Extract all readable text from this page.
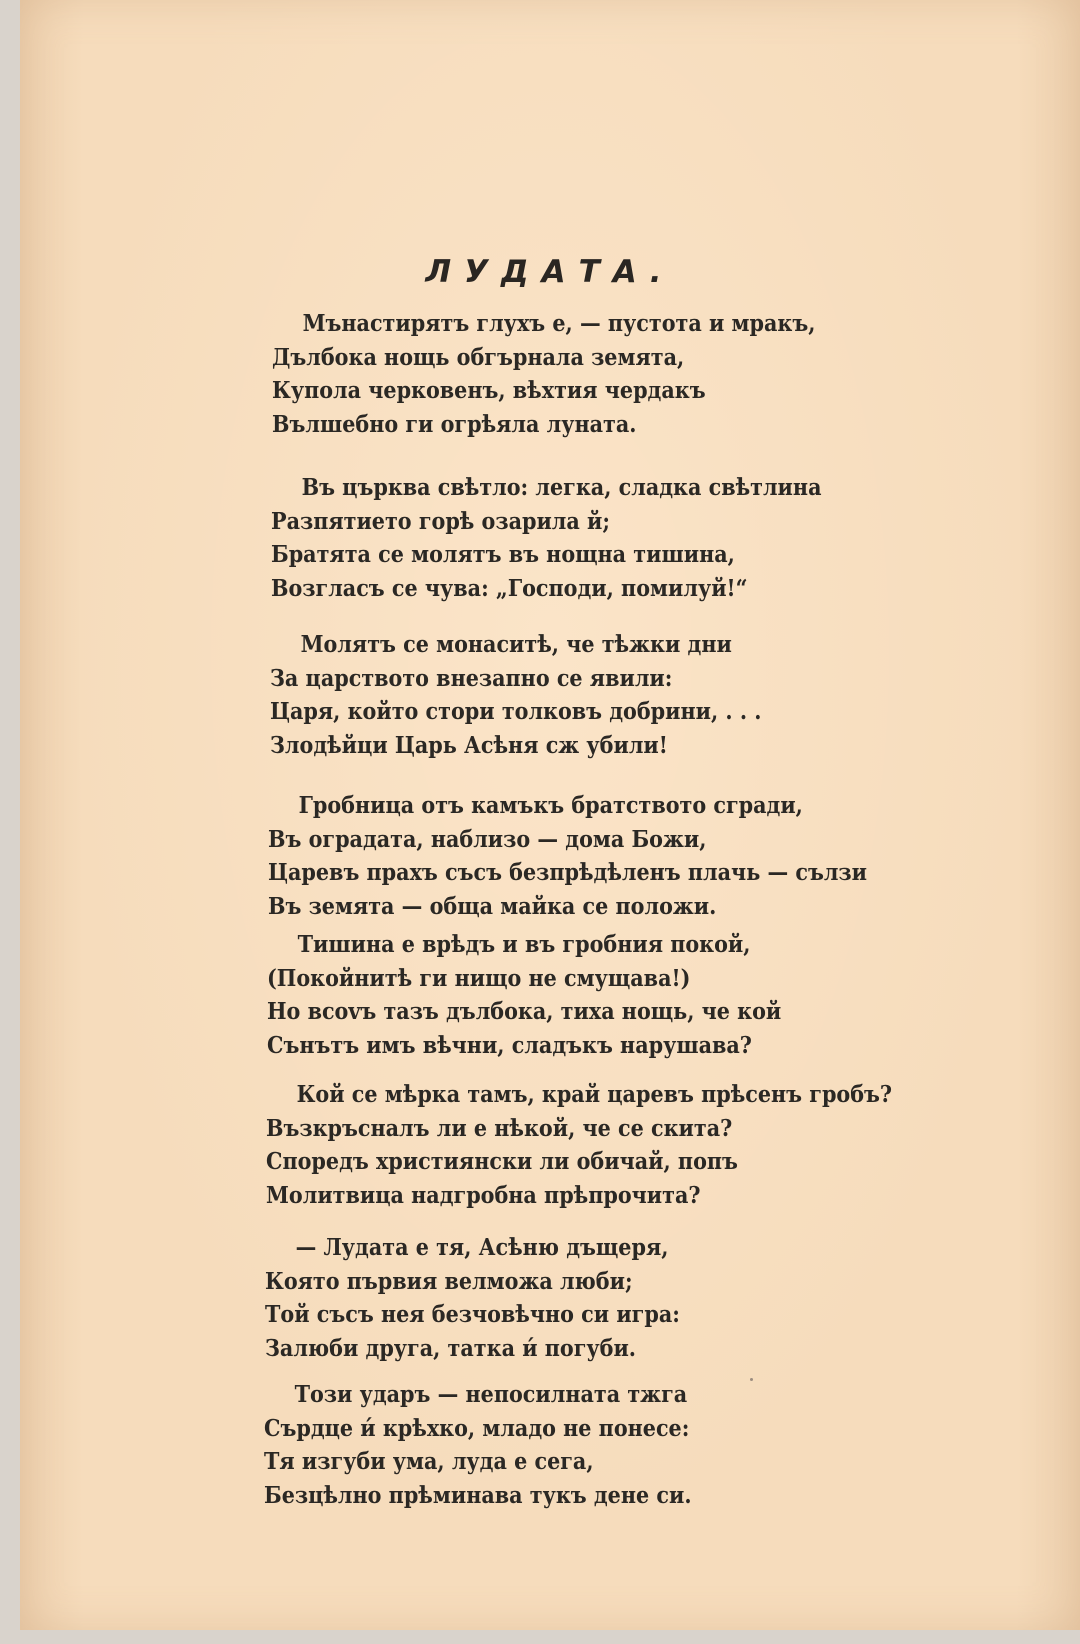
ЛУДАТА.
Мънастирятъ глухъ е, — пустота и мракъ,
Дълбока нощь обгърнала земята,
Купола черковенъ, вѣхтия чердакъ
Вълшебно ги огрѣяла луната.
Въ църква свѣтло: легка, сладка свѣтлина
Разпятието горѣ озарила й;
Братята се молятъ въ нощна тишина,
Возгласъ се чува: „Господи, помилуй!“
Молятъ се монаситѣ, че тѣжки дни
За царството внезапно се явили:
Царя, който стори толковъ добрини, . . .
Злодѣйци Царь Асѣня сж убили!
Гробница отъ камъкъ братството сгради,
Въ оградата, наблизо — дома Божи,
Царевъ прахъ съсъ безпрѣдѣленъ плачь — сълзи
Въ земята — обща майка се положи.
Тишина е врѣдъ и въ гробния покой,
(Покойнитѣ ги нищо не смущава!)
Но вcovъ тазъ дълбока, тиха нощь, че кой
Сънътъ имъ вѣчни, сладъкъ нарушава?
Кой се мѣрка тамъ, край царевъ прѣсенъ гробъ?
Възкръсналъ ли е нѣкой, че се скита?
Споредъ християнски ли обичай, попъ
Молитвица надгробна прѣпрочита?
— Лудата е тя, Асѣню дъщеря,
Която първия велможа люби;
Той съсъ нея безчовѣчно си игра:
Залюби друга, татка и́ погуби.
Този ударъ — непосилната тжга
Сърдце и́ крѣхко, младо не понесе:
Тя изгуби ума, луда е сега,
Безцѣлно прѣминава тукъ дене си.
